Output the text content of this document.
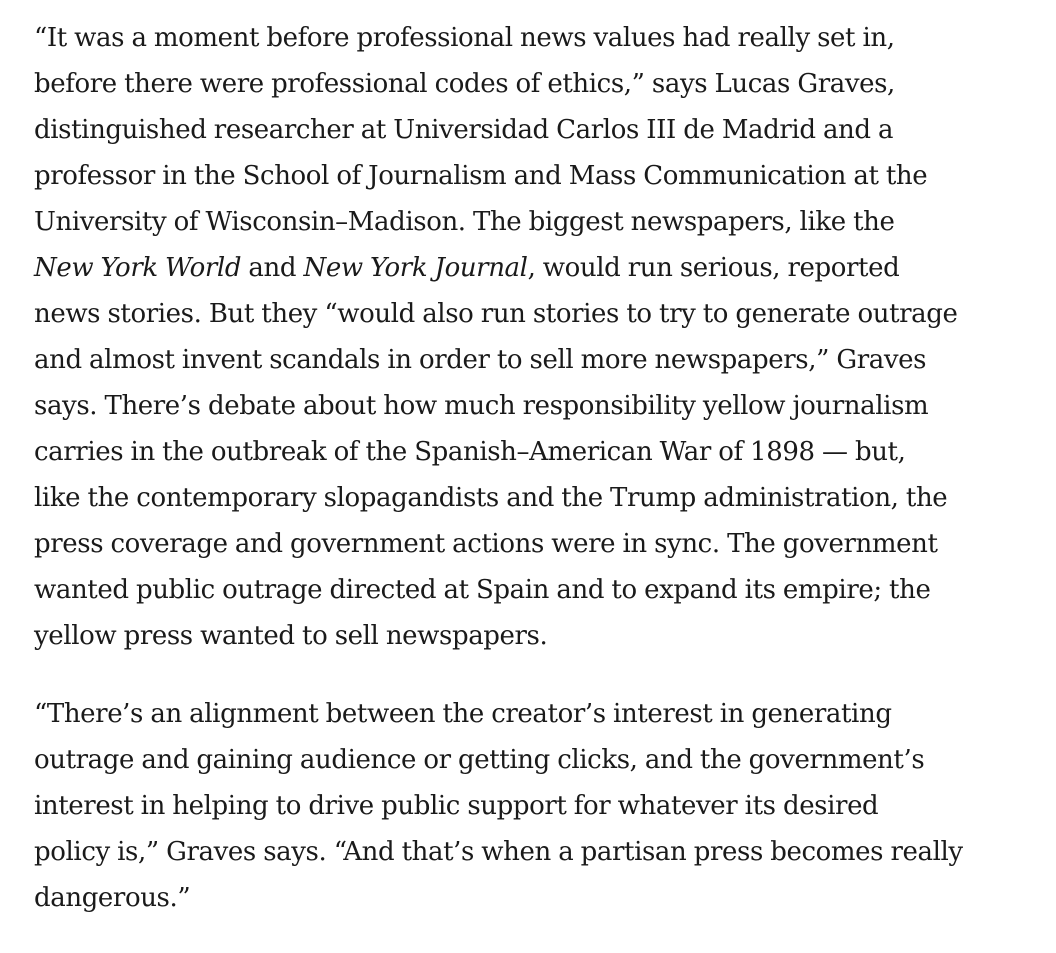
“It was a moment before professional news values had really set in,
before there were professional codes of ethics,” says Lucas Graves,
distinguished researcher at Universidad Carlos III de Madrid and a
professor in the School of Journalism and Mass Communication at the
University of Wisconsin–Madison. The biggest newspapers, like the
New York World and New York Journal, would run serious, reported
news stories. But they “would also run stories to try to generate outrage
and almost invent scandals in order to sell more newspapers,” Graves
says. There’s debate about how much responsibility yellow journalism
carries in the outbreak of the Spanish–American War of 1898 — but,
like the contemporary slopagandists and the Trump administration, the
press coverage and government actions were in sync. The government
wanted public outrage directed at Spain and to expand its empire; the
yellow press wanted to sell newspapers.

“There’s an alignment between the creator’s interest in generating
outrage and gaining audience or getting clicks, and the government’s
interest in helping to drive public support for whatever its desired
policy is,” Graves says. “And that’s when a partisan press becomes really
dangerous.”
